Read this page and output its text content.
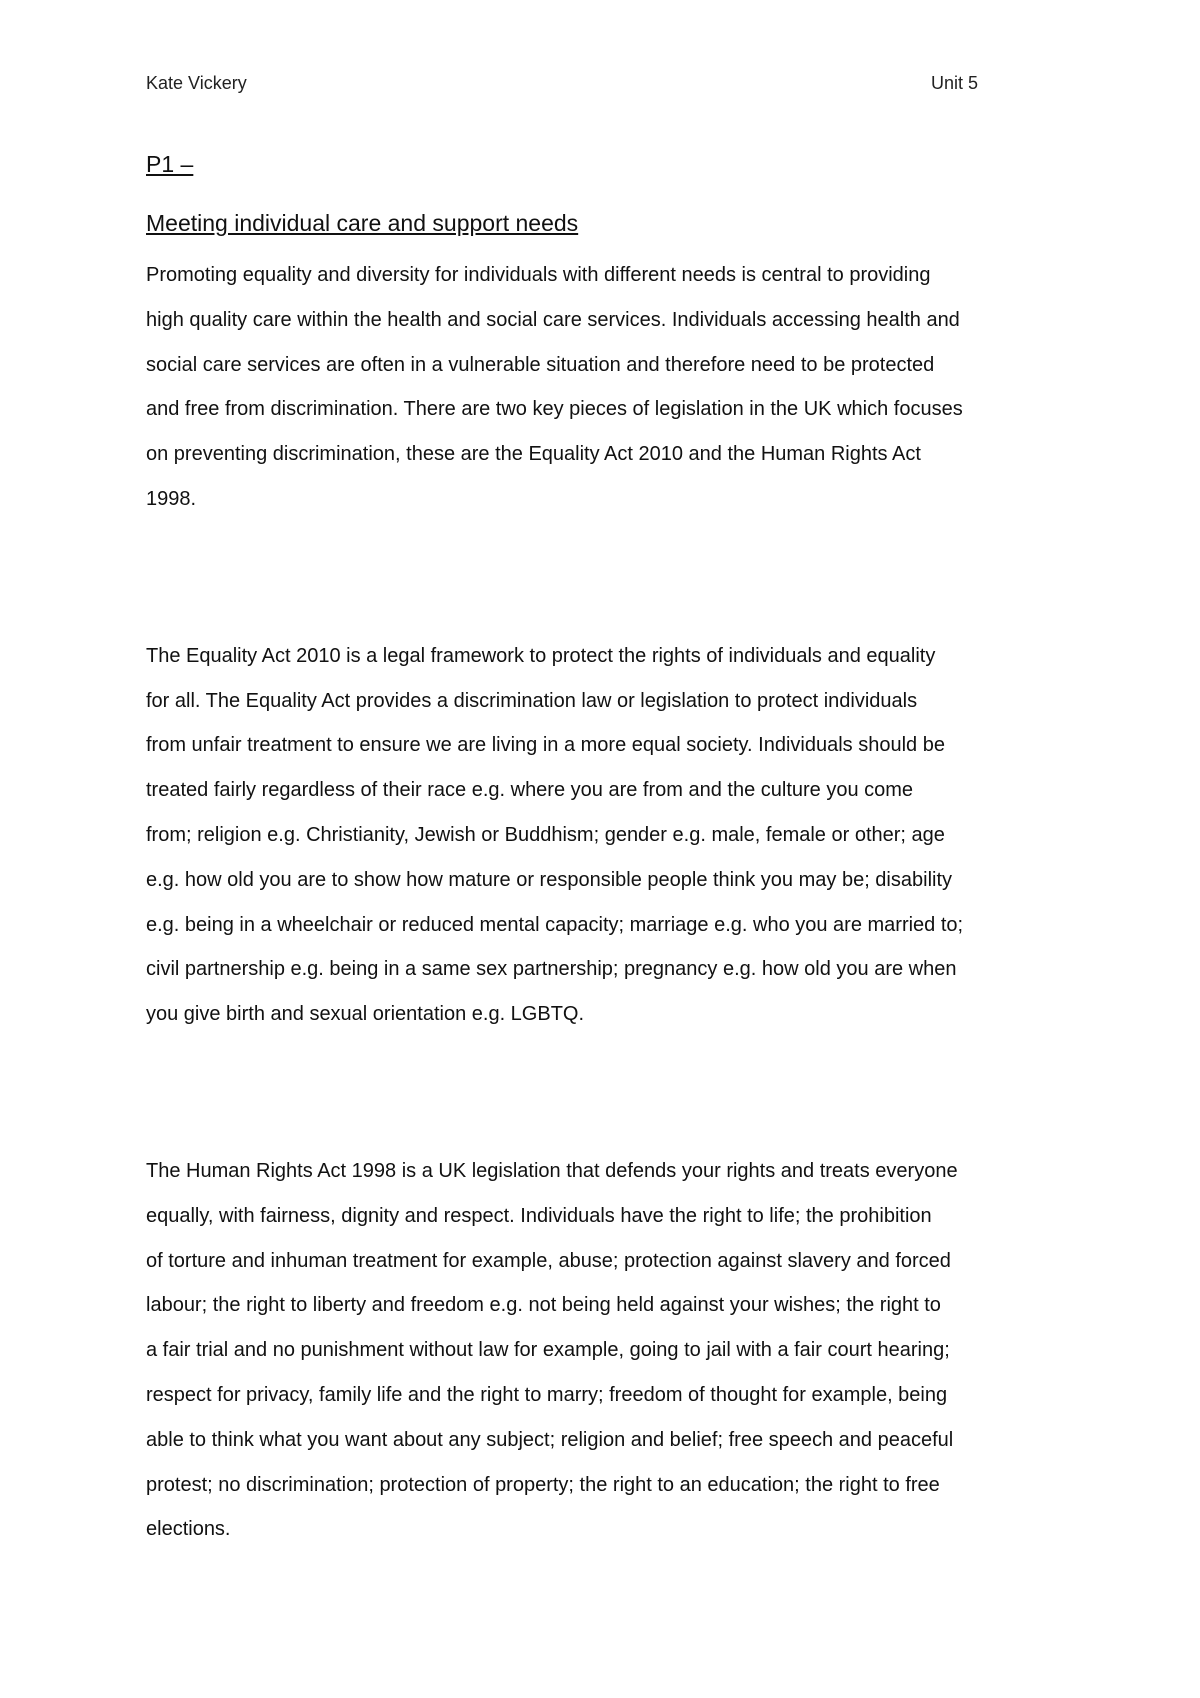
Kate Vickery	Unit 5
P1 –
Meeting individual care and support needs

Promoting equality and diversity for individuals with different needs is central to providing
high quality care within the health and social care services. Individuals accessing health and
social care services are often in a vulnerable situation and therefore need to be protected
and free from discrimination. There are two key pieces of legislation in the UK which focuses
on preventing discrimination, these are the Equality Act 2010 and the Human Rights Act
1998.

The Equality Act 2010 is a legal framework to protect the rights of individuals and equality
for all. The Equality Act provides a discrimination law or legislation to protect individuals
from unfair treatment to ensure we are living in a more equal society. Individuals should be
treated fairly regardless of their race e.g. where you are from and the culture you come
from; religion e.g. Christianity, Jewish or Buddhism; gender e.g. male, female or other; age
e.g. how old you are to show how mature or responsible people think you may be; disability
e.g. being in a wheelchair or reduced mental capacity; marriage e.g. who you are married to;
civil partnership e.g. being in a same sex partnership; pregnancy e.g. how old you are when
you give birth and sexual orientation e.g. LGBTQ.

The Human Rights Act 1998 is a UK legislation that defends your rights and treats everyone
equally, with fairness, dignity and respect. Individuals have the right to life; the prohibition
of torture and inhuman treatment for example, abuse; protection against slavery and forced
labour; the right to liberty and freedom e.g. not being held against your wishes; the right to
a fair trial and no punishment without law for example, going to jail with a fair court hearing;
respect for privacy, family life and the right to marry; freedom of thought for example, being
able to think what you want about any subject; religion and belief; free speech and peaceful
protest; no discrimination; protection of property; the right to an education; the right to free
elections.
